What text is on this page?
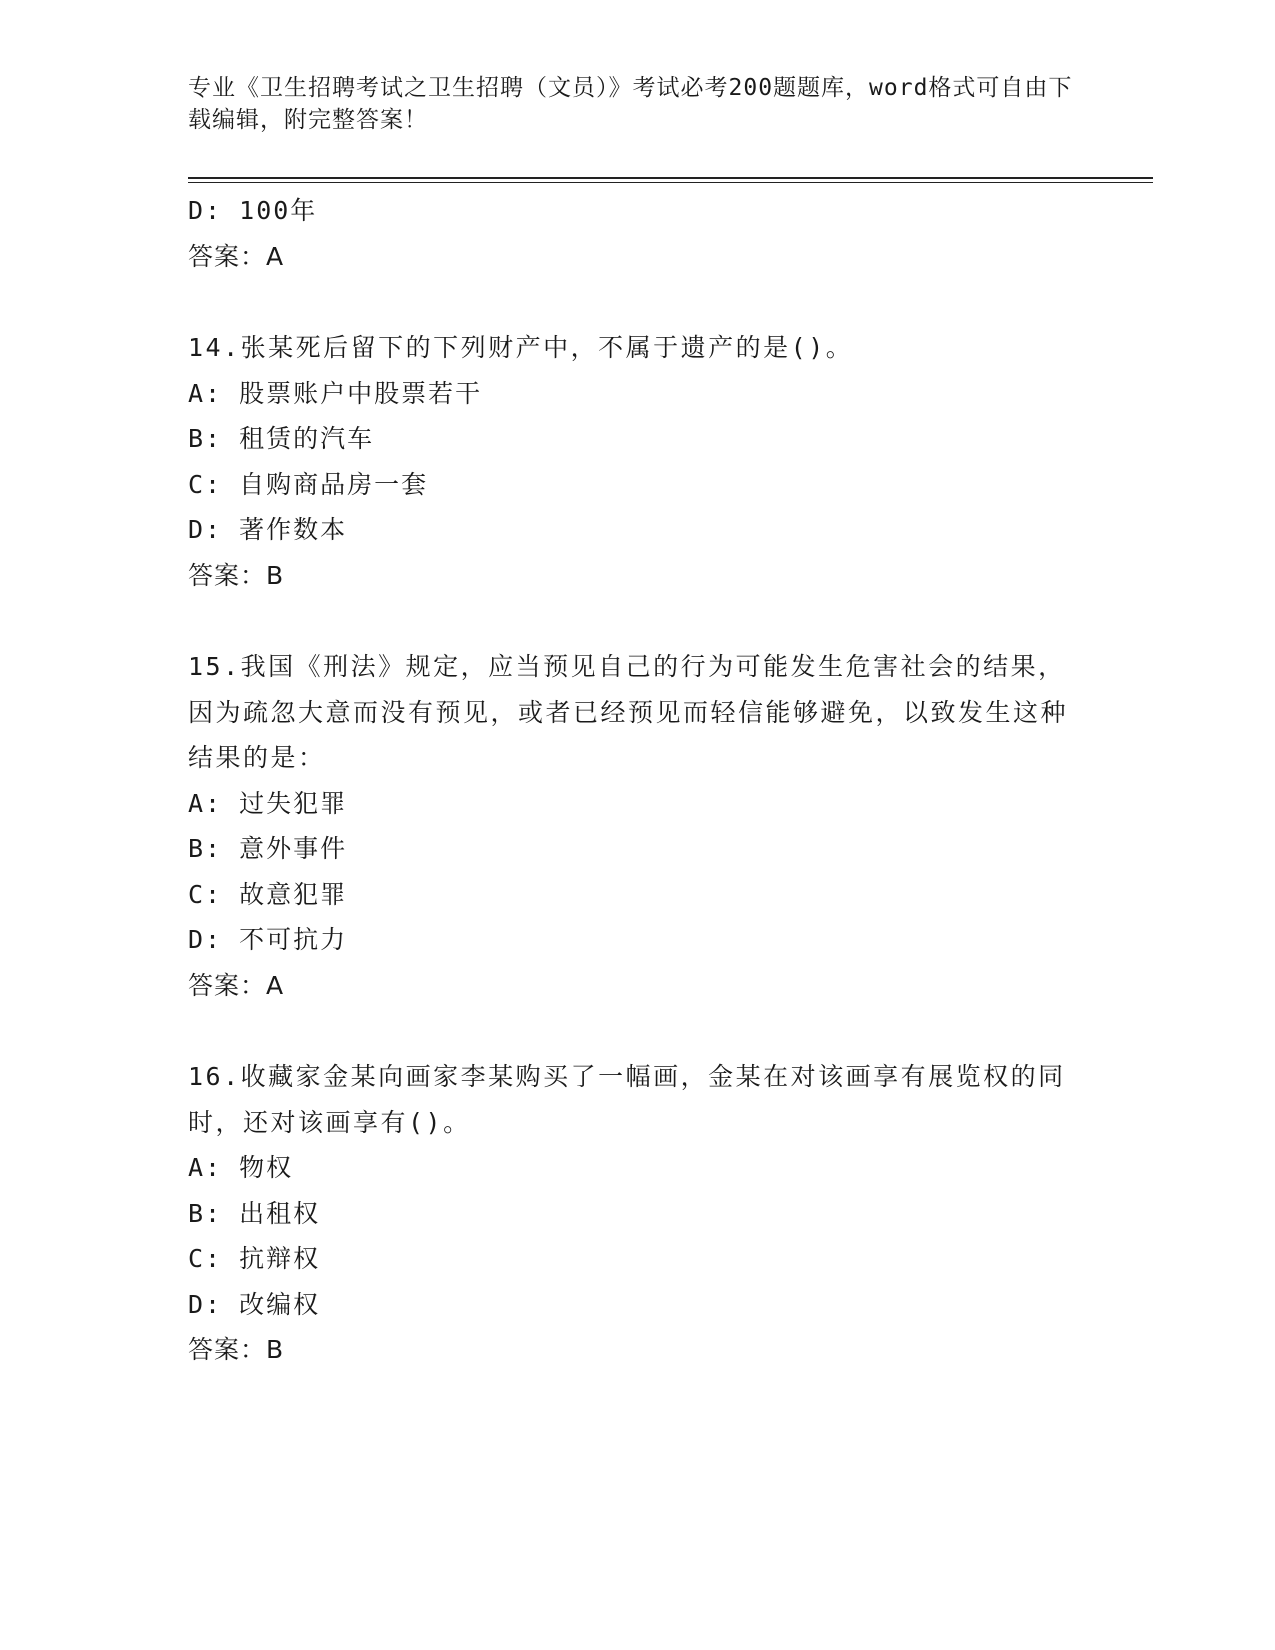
专业《卫生招聘考试之卫生招聘（文员）》考试必考200题题库，word格式可自由下载编辑，附完整答案！
D: 100年
答案：A
14.张某死后留下的下列财产中，不属于遗产的是()。
A: 股票账户中股票若干
B: 租赁的汽车
C: 自购商品房一套
D: 著作数本
答案：B
15.我国《刑法》规定，应当预见自己的行为可能发生危害社会的结果，因为疏忽大意而没有预见，或者已经预见而轻信能够避免，以致发生这种结果的是：
A: 过失犯罪
B: 意外事件
C: 故意犯罪
D: 不可抗力
答案：A
16.收藏家金某向画家李某购买了一幅画，金某在对该画享有展览权的同时，还对该画享有()。
A: 物权
B: 出租权
C: 抗辩权
D: 改编权
答案：B
